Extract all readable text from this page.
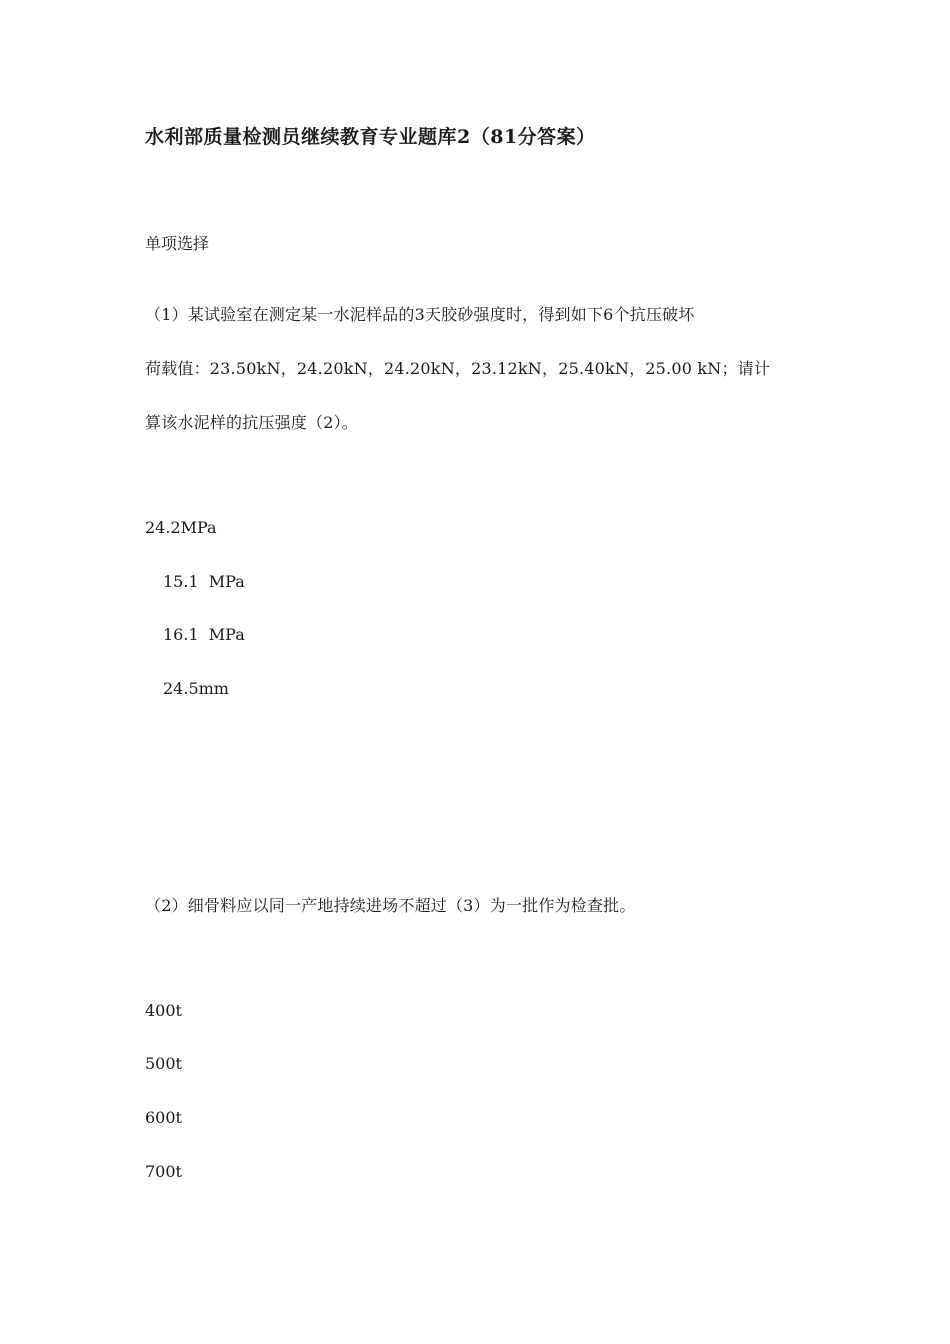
水利部质量检测员继续教育专业题库2（81分答案）
单项选择
（1）某试验室在测定某一水泥样品的3天胶砂强度时，得到如下6个抗压破坏
荷载值：23.50kN，24.20kN，24.20kN，23.12kN，25.40kN，25.00 kN；请计
算该水泥样的抗压强度（2）。
24.2MPa
15.1  MPa
16.1  MPa
24.5mm
（2）细骨料应以同一产地持续进场不超过（3）为一批作为检查批。
400t
500t
600t
700t
